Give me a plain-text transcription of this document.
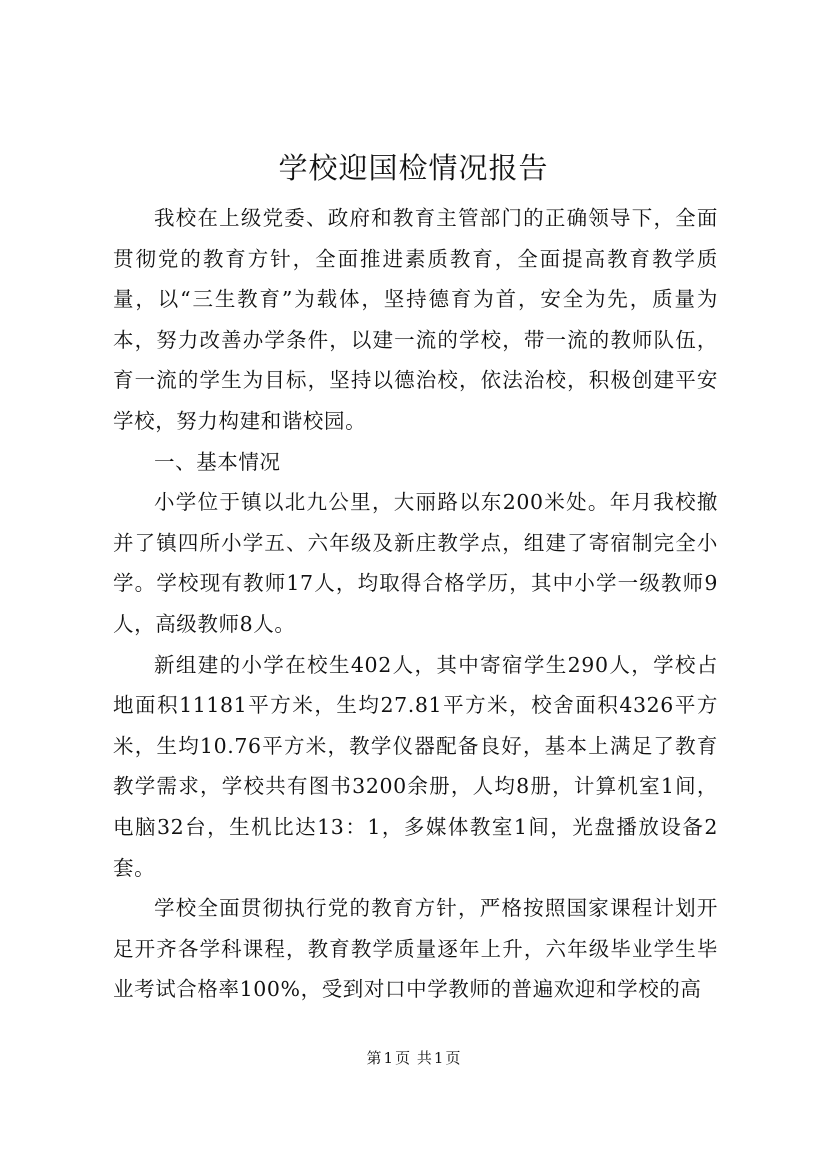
学校迎国检情况报告

我校在上级党委、政府和教育主管部门的正确领导下，全面贯彻党的教育方针，全面推进素质教育，全面提高教育教学质量，以“三生教育”为载体，坚持德育为首，安全为先，质量为本，努力改善办学条件，以建一流的学校，带一流的教师队伍，育一流的学生为目标，坚持以德治校，依法治校，积极创建平安学校，努力构建和谐校园。

一、基本情况

小学位于镇以北九公里，大丽路以东200米处。年月我校撤并了镇四所小学五、六年级及新庄教学点，组建了寄宿制完全小学。学校现有教师17人，均取得合格学历，其中小学一级教师9人，高级教师8人。

新组建的小学在校生402人，其中寄宿学生290人，学校占地面积11181平方米，生均27.81平方米，校舍面积4326平方米，生均10.76平方米，教学仪器配备良好，基本上满足了教育教学需求，学校共有图书3200余册，人均8册，计算机室1间，电脑32台，生机比达13：1，多媒体教室1间，光盘播放设备2套。

学校全面贯彻执行党的教育方针，严格按照国家课程计划开足开齐各学科课程，教育教学质量逐年上升，六年级毕业学生毕业考试合格率100%，受到对口中学教师的普遍欢迎和学校的高

第 1 页 共 1 页
